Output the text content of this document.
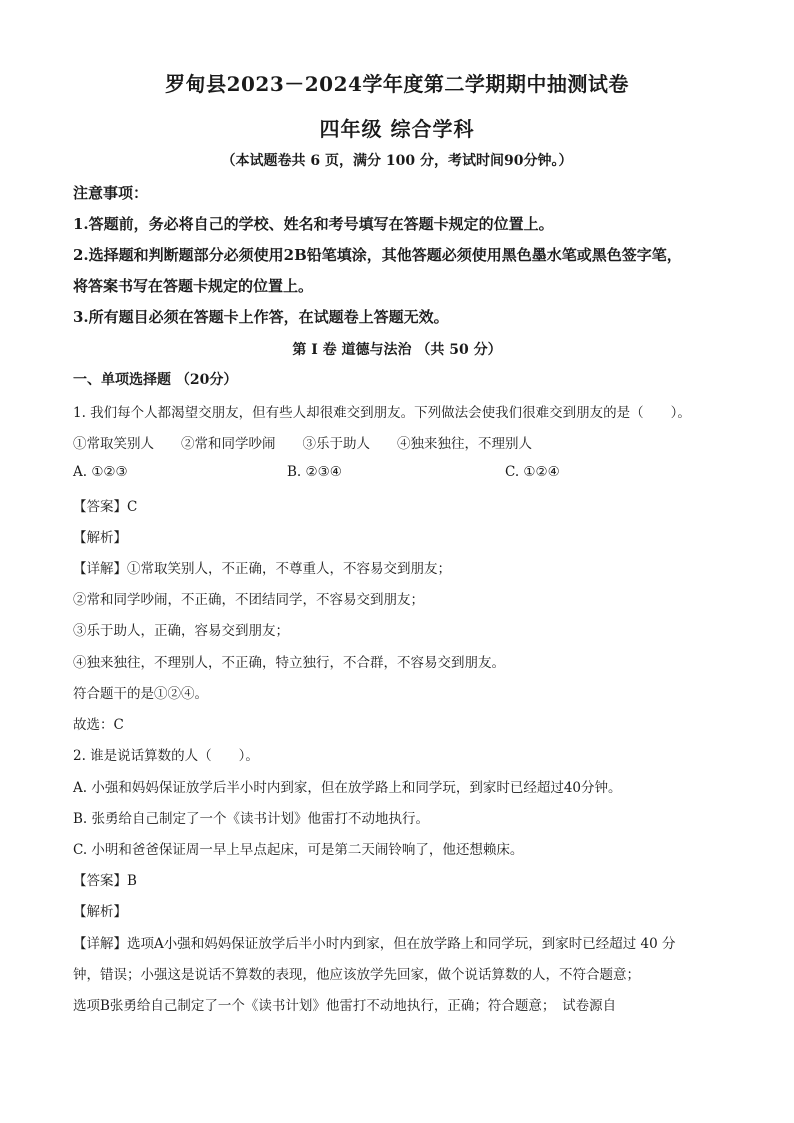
罗甸县2023－2024学年度第二学期期中抽测试卷
四年级 综合学科
（本试题卷共 6 页，满分 100 分，考试时间90分钟。）
注意事项：
1.答题前，务必将自己的学校、姓名和考号填写在答题卡规定的位置上。
2.选择题和判断题部分必须使用2B铅笔填涂，其他答题必须使用黑色墨水笔或黑色签字笔，
将答案书写在答题卡规定的位置上。
3.所有题目必须在答题卡上作答，在试题卷上答题无效。
第 I 卷 道德与法治 （共 50 分）
一、单项选择题 （20分）
1. 我们每个人都渴望交朋友，但有些人却很难交到朋友。下列做法会使我们很难交到朋友的是（　　）。
①常取笑别人　　②常和同学吵闹　　③乐于助人　　④独来独往，不理别人
A. ①②③	B. ②③④	C. ①②④
【答案】C
【解析】
【详解】①常取笑别人，不正确，不尊重人，不容易交到朋友；
②常和同学吵闹，不正确，不团结同学，不容易交到朋友；
③乐于助人，正确，容易交到朋友；
④独来独往，不理别人，不正确，特立独行，不合群，不容易交到朋友。
符合题干的是①②④。
故选：C
2. 谁是说话算数的人（　　）。
A. 小强和妈妈保证放学后半小时内到家，但在放学路上和同学玩，到家时已经超过40分钟。
B. 张勇给自己制定了一个《读书计划》他雷打不动地执行。
C. 小明和爸爸保证周一早上早点起床，可是第二天闹铃响了，他还想赖床。
【答案】B
【解析】
【详解】选项A小强和妈妈保证放学后半小时内到家，但在放学路上和同学玩，到家时已经超过 40 分
钟，错误；小强这是说话不算数的表现，他应该放学先回家，做个说话算数的人，不符合题意；
选项B张勇给自己制定了一个《读书计划》他雷打不动地执行，正确；符合题意；　试卷源自
